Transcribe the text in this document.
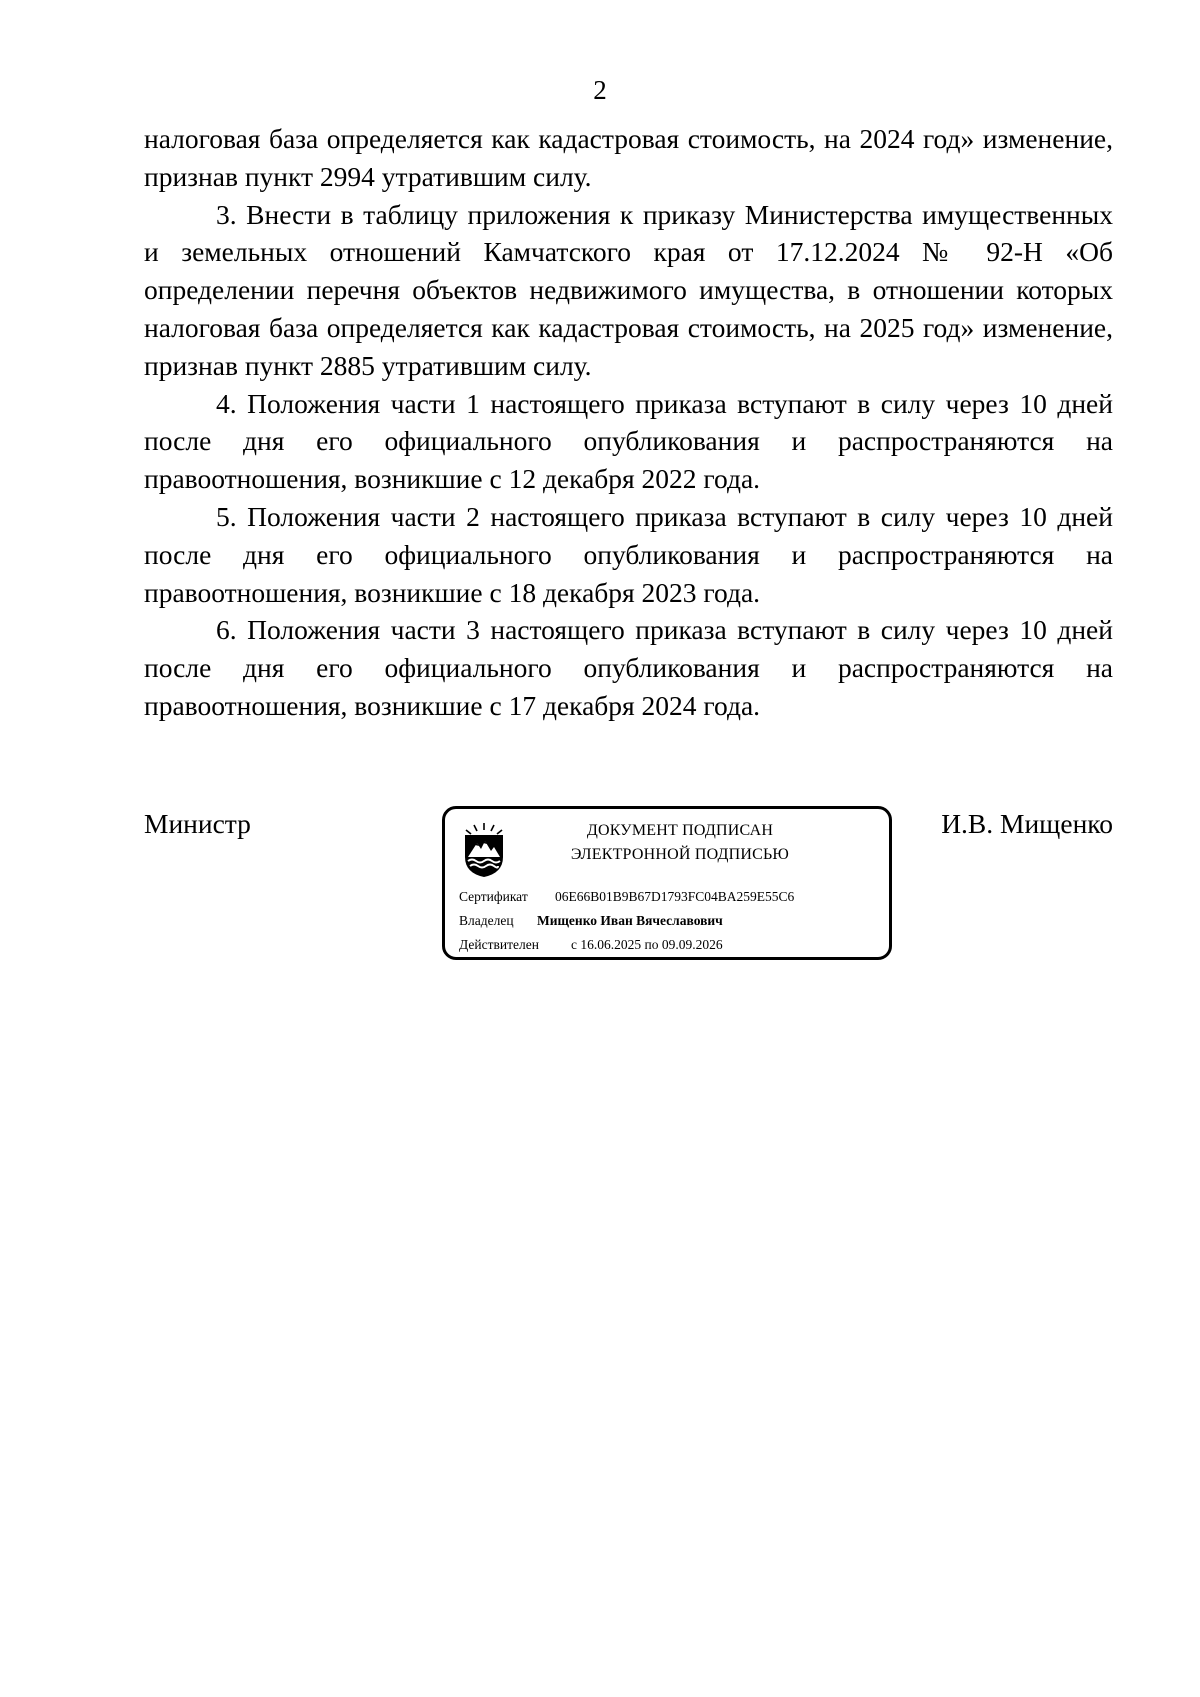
2

налоговая база определяется как кадастровая стоимость, на 2024 год» изменение, признав пункт 2994 утратившим силу.

3. Внести в таблицу приложения к приказу Министерства имущественных и земельных отношений Камчатского края от 17.12.2024 № 92-Н «Об определении перечня объектов недвижимого имущества, в отношении которых налоговая база определяется как кадастровая стоимость, на 2025 год» изменение, признав пункт 2885 утратившим силу.

4. Положения части 1 настоящего приказа вступают в силу через 10 дней после дня его официального опубликования и распространяются на правоотношения, возникшие с 12 декабря 2022 года.

5. Положения части 2 настоящего приказа вступают в силу через 10 дней после дня его официального опубликования и распространяются на правоотношения, возникшие с 18 декабря 2023 года.

6. Положения части 3 настоящего приказа вступают в силу через 10 дней после дня его официального опубликования и распространяются на правоотношения, возникшие с 17 декабря 2024 года.

Министр	ДОКУМЕНТ ПОДПИСАН
ЭЛЕКТРОННОЙ ПОДПИСЬЮ
Сертификат 06E66B01B9B67D1793FC04BA259E55C6
Владелец Мищенко Иван Вячеславович
Действителен с 16.06.2025 по 09.09.2026
И.В. Мищенко
